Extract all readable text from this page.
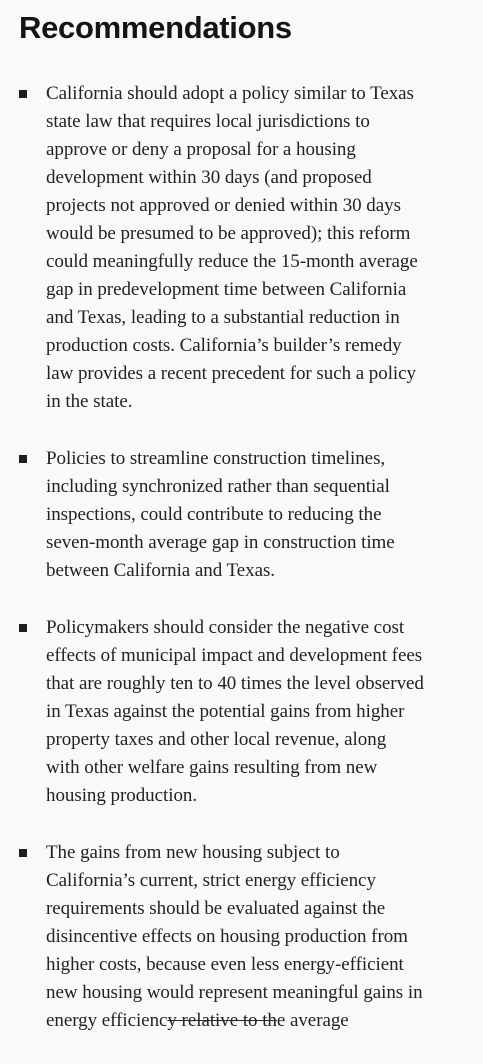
Recommendations
California should adopt a policy similar to Texas
state law that requires local jurisdictions to
approve or deny a proposal for a housing
development within 30 days (and proposed
projects not approved or denied within 30 days
would be presumed to be approved); this reform
could meaningfully reduce the 15-month average
gap in predevelopment time between California
and Texas, leading to a substantial reduction in
production costs. California’s builder’s remedy
law provides a recent precedent for such a policy
in the state.
Policies to streamline construction timelines,
including synchronized rather than sequential
inspections, could contribute to reducing the
seven-month average gap in construction time
between California and Texas.
Policymakers should consider the negative cost
effects of municipal impact and development fees
that are roughly ten to 40 times the level observed
in Texas against the potential gains from higher
property taxes and other local revenue, along
with other welfare gains resulting from new
housing production.
The gains from new housing subject to
California’s current, strict energy efficiency
requirements should be evaluated against the
disincentive effects on housing production from
higher costs, because even less energy-efficient
new housing would represent meaningful gains in
energy efficiency relative to the average
